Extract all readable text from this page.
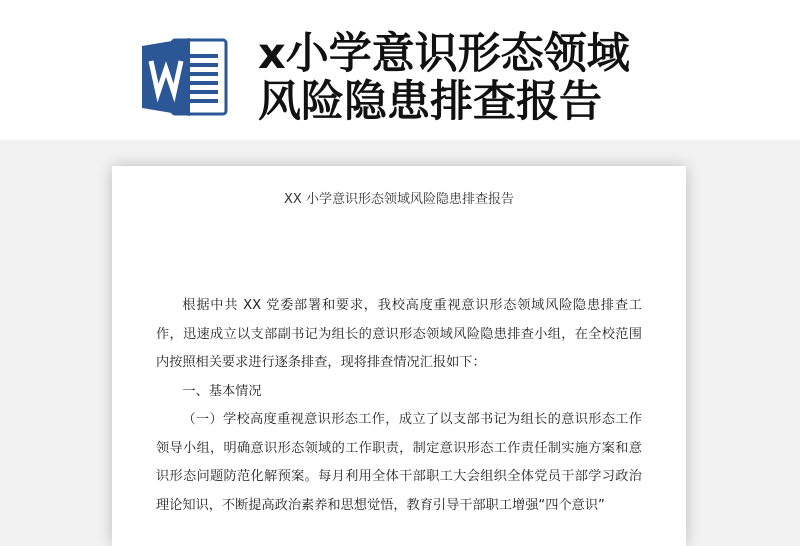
x小学意识形态领域
风险隐患排查报告
XX 小学意识形态领域风险隐患排查报告

根据中共 XX 党委部署和要求，我校高度重视意识形态领域风险隐患排查工作，迅速成立以支部副书记为组长的意识形态领域风险隐患排查小组，在全校范围内按照相关要求进行逐条排查，现将排查情况汇报如下：

一、基本情况

（一）学校高度重视意识形态工作，成立了以支部书记为组长的意识形态工作领导小组，明确意识形态领域的工作职责，制定意识形态工作责任制实施方案和意识形态问题防范化解预案。每月利用全体干部职工大会组织全体党员干部学习政治理论知识，不断提高政治素养和思想觉悟，教育引导干部职工增强“四个意识”
